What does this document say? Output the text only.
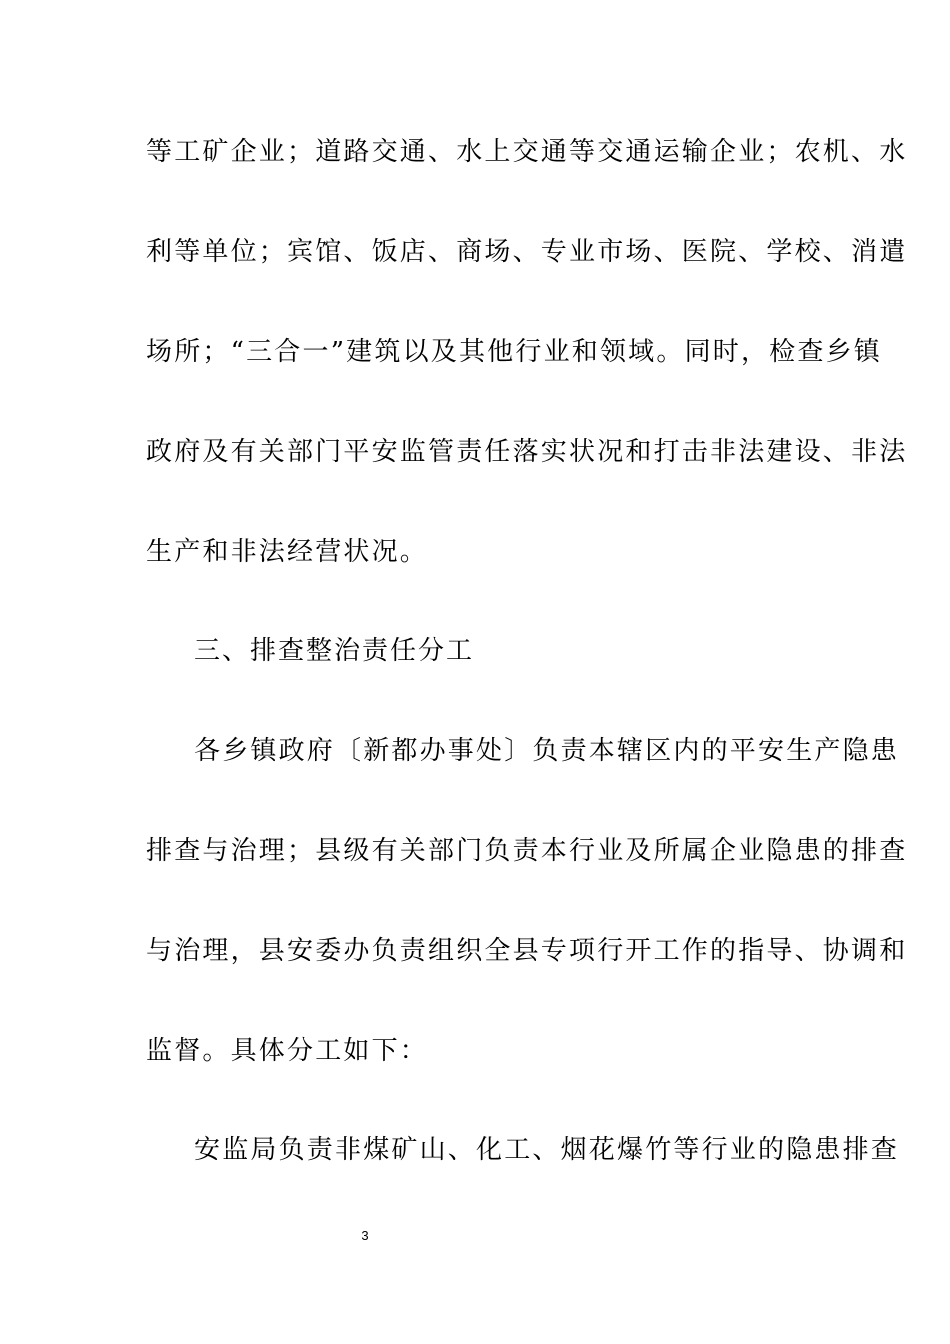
等工矿企业；道路交通、水上交通等交通运输企业；农机、水
利等单位；宾馆、饭店、商场、专业市场、医院、学校、消遣
场所；“三合一”建筑以及其他行业和领域。同时，检查乡镇
政府及有关部门平安监管责任落实状况和打击非法建设、非法
生产和非法经营状况。
三、排查整治责任分工
各乡镇政府〔新都办事处〕负责本辖区内的平安生产隐患
排查与治理；县级有关部门负责本行业及所属企业隐患的排查
与治理，县安委办负责组织全县专项行开工作的指导、协调和
监督。具体分工如下：
安监局负责非煤矿山、化工、烟花爆竹等行业的隐患排查
3
